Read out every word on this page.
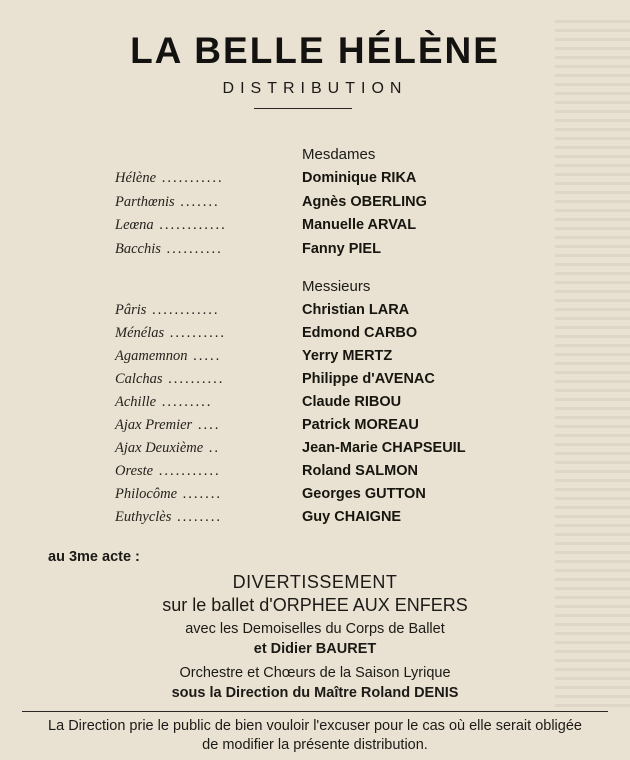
LA BELLE HÉLÈNE
DISTRIBUTION
Mesdames
Hélène ...........	Dominique RIKA
Parthœnis .......	Agnès OBERLING
Leœna ............	Manuelle ARVAL
Bacchis ..........	Fanny PIEL
Messieurs
Pâris ............	Christian LARA
Ménélas ..........	Edmond CARBO
Agamemnon .....	Yerry MERTZ
Calchas ..........	Philippe d'AVENAC
Achille .........	Claude RIBOU
Ajax Premier ....	Patrick MOREAU
Ajax Deuxième ..	Jean-Marie CHAPSEUIL
Oreste ...........	Roland SALMON
Philocôme .......	Georges GUTTON
Euthyclès ........	Guy CHAIGNE
au 3me acte :
DIVERTISSEMENT
sur le ballet d'ORPHEE AUX ENFERS
avec les Demoiselles du Corps de Ballet
et Didier BAURET
Orchestre et Chœurs de la Saison Lyrique
sous la Direction du Maître Roland DENIS
La Direction prie le public de bien vouloir l'excuser pour le cas où elle serait obligée de modifier la présente distribution.
